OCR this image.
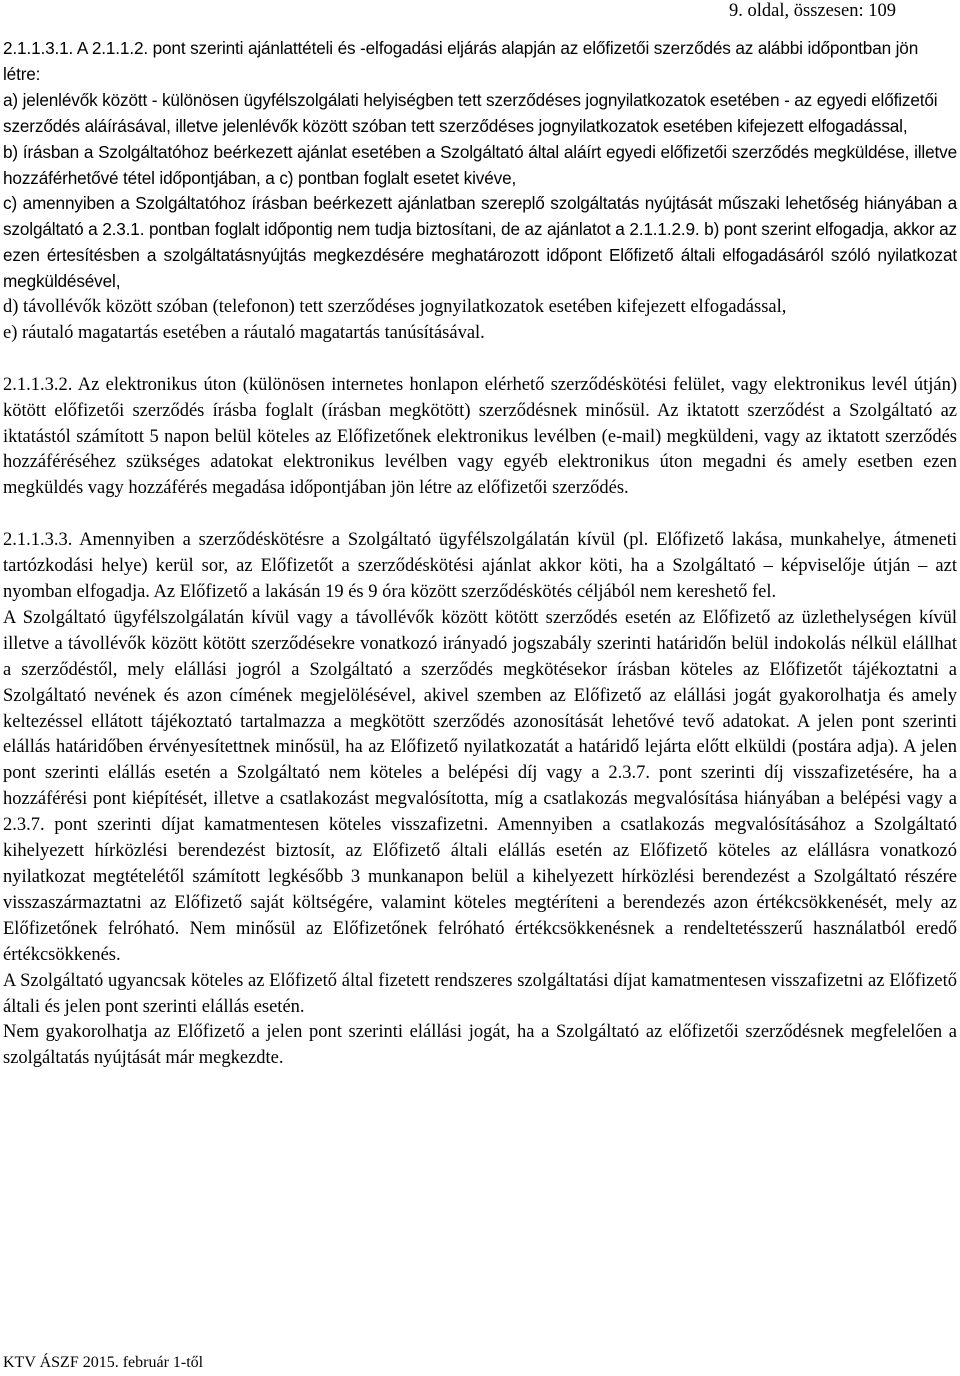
9. oldal, összesen: 109

2.1.1.3.1. A 2.1.1.2. pont szerinti ajánlattételi és -elfogadási eljárás alapján az előfizetői szerződés az alábbi időpontban jön létre:

a) jelenlévők között - különösen ügyfélszolgálati helyiségben tett szerződéses jognyilatkozatok esetében - az egyedi előfizetői szerződés aláírásával, illetve jelenlévők között szóban tett szerződéses jognyilatkozatok esetében kifejezett elfogadással,

b) írásban a Szolgáltatóhoz beérkezett ajánlat esetében a Szolgáltató által aláírt egyedi előfizetői szerződés megküldése, illetve hozzáférhetővé tétel időpontjában, a c) pontban foglalt esetet kivéve,

c) amennyiben a Szolgáltatóhoz írásban beérkezett ajánlatban szereplő szolgáltatás nyújtását műszaki lehetőség hiányában a szolgáltató a 2.3.1. pontban foglalt időpontig nem tudja biztosítani, de az ajánlatot a 2.1.1.2.9. b) pont szerint elfogadja, akkor az ezen értesítésben a szolgáltatásnyújtás megkezdésére meghatározott időpont Előfizető általi elfogadásáról szóló nyilatkozat megküldésével,

d) távollévők között szóban (telefonon) tett szerződéses jognyilatkozatok esetében kifejezett elfogadással,

e) ráutaló magatartás esetében a ráutaló magatartás tanúsításával.

2.1.1.3.2. Az elektronikus úton (különösen internetes honlapon elérhető szerződéskötési felület, vagy elektronikus levél útján) kötött előfizetői szerződés írásba foglalt (írásban megkötött) szerződésnek minősül. Az iktatott szerződést a Szolgáltató az iktatástól számított 5 napon belül köteles az Előfizetőnek elektronikus levélben (e-mail) megküldeni, vagy az iktatott szerződés hozzáféréséhez szükséges adatokat elektronikus levélben vagy egyéb elektronikus úton megadni és amely esetben ezen megküldés vagy hozzáférés megadása időpontjában jön létre az előfizetői szerződés.

2.1.1.3.3. Amennyiben a szerződéskötésre a Szolgáltató ügyfélszolgálatán kívül (pl. Előfizető lakása, munkahelye, átmeneti tartózkodási helye) kerül sor, az Előfizetőt a szerződéskötési ajánlat akkor köti, ha a Szolgáltató – képviselője útján – azt nyomban elfogadja. Az Előfizető a lakásán 19 és 9 óra között szerződéskötés céljából nem kereshető fel.

A Szolgáltató ügyfélszolgálatán kívül vagy a távollévők között kötött szerződés esetén az Előfizető az üzlethelységen kívül illetve a távollévők között kötött szerződésekre vonatkozó irányadó jogszabály szerinti határidőn belül indokolás nélkül elállhat a szerződéstől, mely elállási jogról a Szolgáltató a szerződés megkötésekor írásban köteles az Előfizetőt tájékoztatni a Szolgáltató nevének és azon címének megjelölésével, akivel szemben az Előfizető az elállási jogát gyakorolhatja és amely keltezéssel ellátott tájékoztató tartalmazza a megkötött szerződés azonosítását lehetővé tevő adatokat. A jelen pont szerinti elállás határidőben érvényesítettnek minősül, ha az Előfizető nyilatkozatát a határidő lejárta előtt elküldi (postára adja). A jelen pont szerinti elállás esetén a Szolgáltató nem köteles a belépési díj vagy a 2.3.7. pont szerinti díj visszafizetésére, ha a hozzáférési pont kiépítését, illetve a csatlakozást megvalósította, míg a csatlakozás megvalósítása hiányában a belépési vagy a 2.3.7. pont szerinti díjat kamatmentesen köteles visszafizetni. Amennyiben a csatlakozás megvalósításához a Szolgáltató kihelyezett hírközlési berendezést biztosít, az Előfizető általi elállás esetén az Előfizető köteles az elállásra vonatkozó nyilatkozat megtételétől számított legkésőbb 3 munkanapon belül a kihelyezett hírközlési berendezést a Szolgáltató részére visszaszármaztatni az Előfizető saját költségére, valamint köteles megtéríteni a berendezés azon értékcsökkenését, mely az Előfizetőnek felróható. Nem minősül az Előfizetőnek felróható értékcsökkenésnek a rendeltetésszerű használatból eredő értékcsökkenés.

A Szolgáltató ugyancsak köteles az Előfizető által fizetett rendszeres szolgáltatási díjat kamatmentesen visszafizetni az Előfizető általi és jelen pont szerinti elállás esetén.

Nem gyakorolhatja az Előfizető a jelen pont szerinti elállási jogát, ha a Szolgáltató az előfizetői szerződésnek megfelelően a szolgáltatás nyújtását már megkezdte.

KTV ÁSZF 2015. február 1-től
